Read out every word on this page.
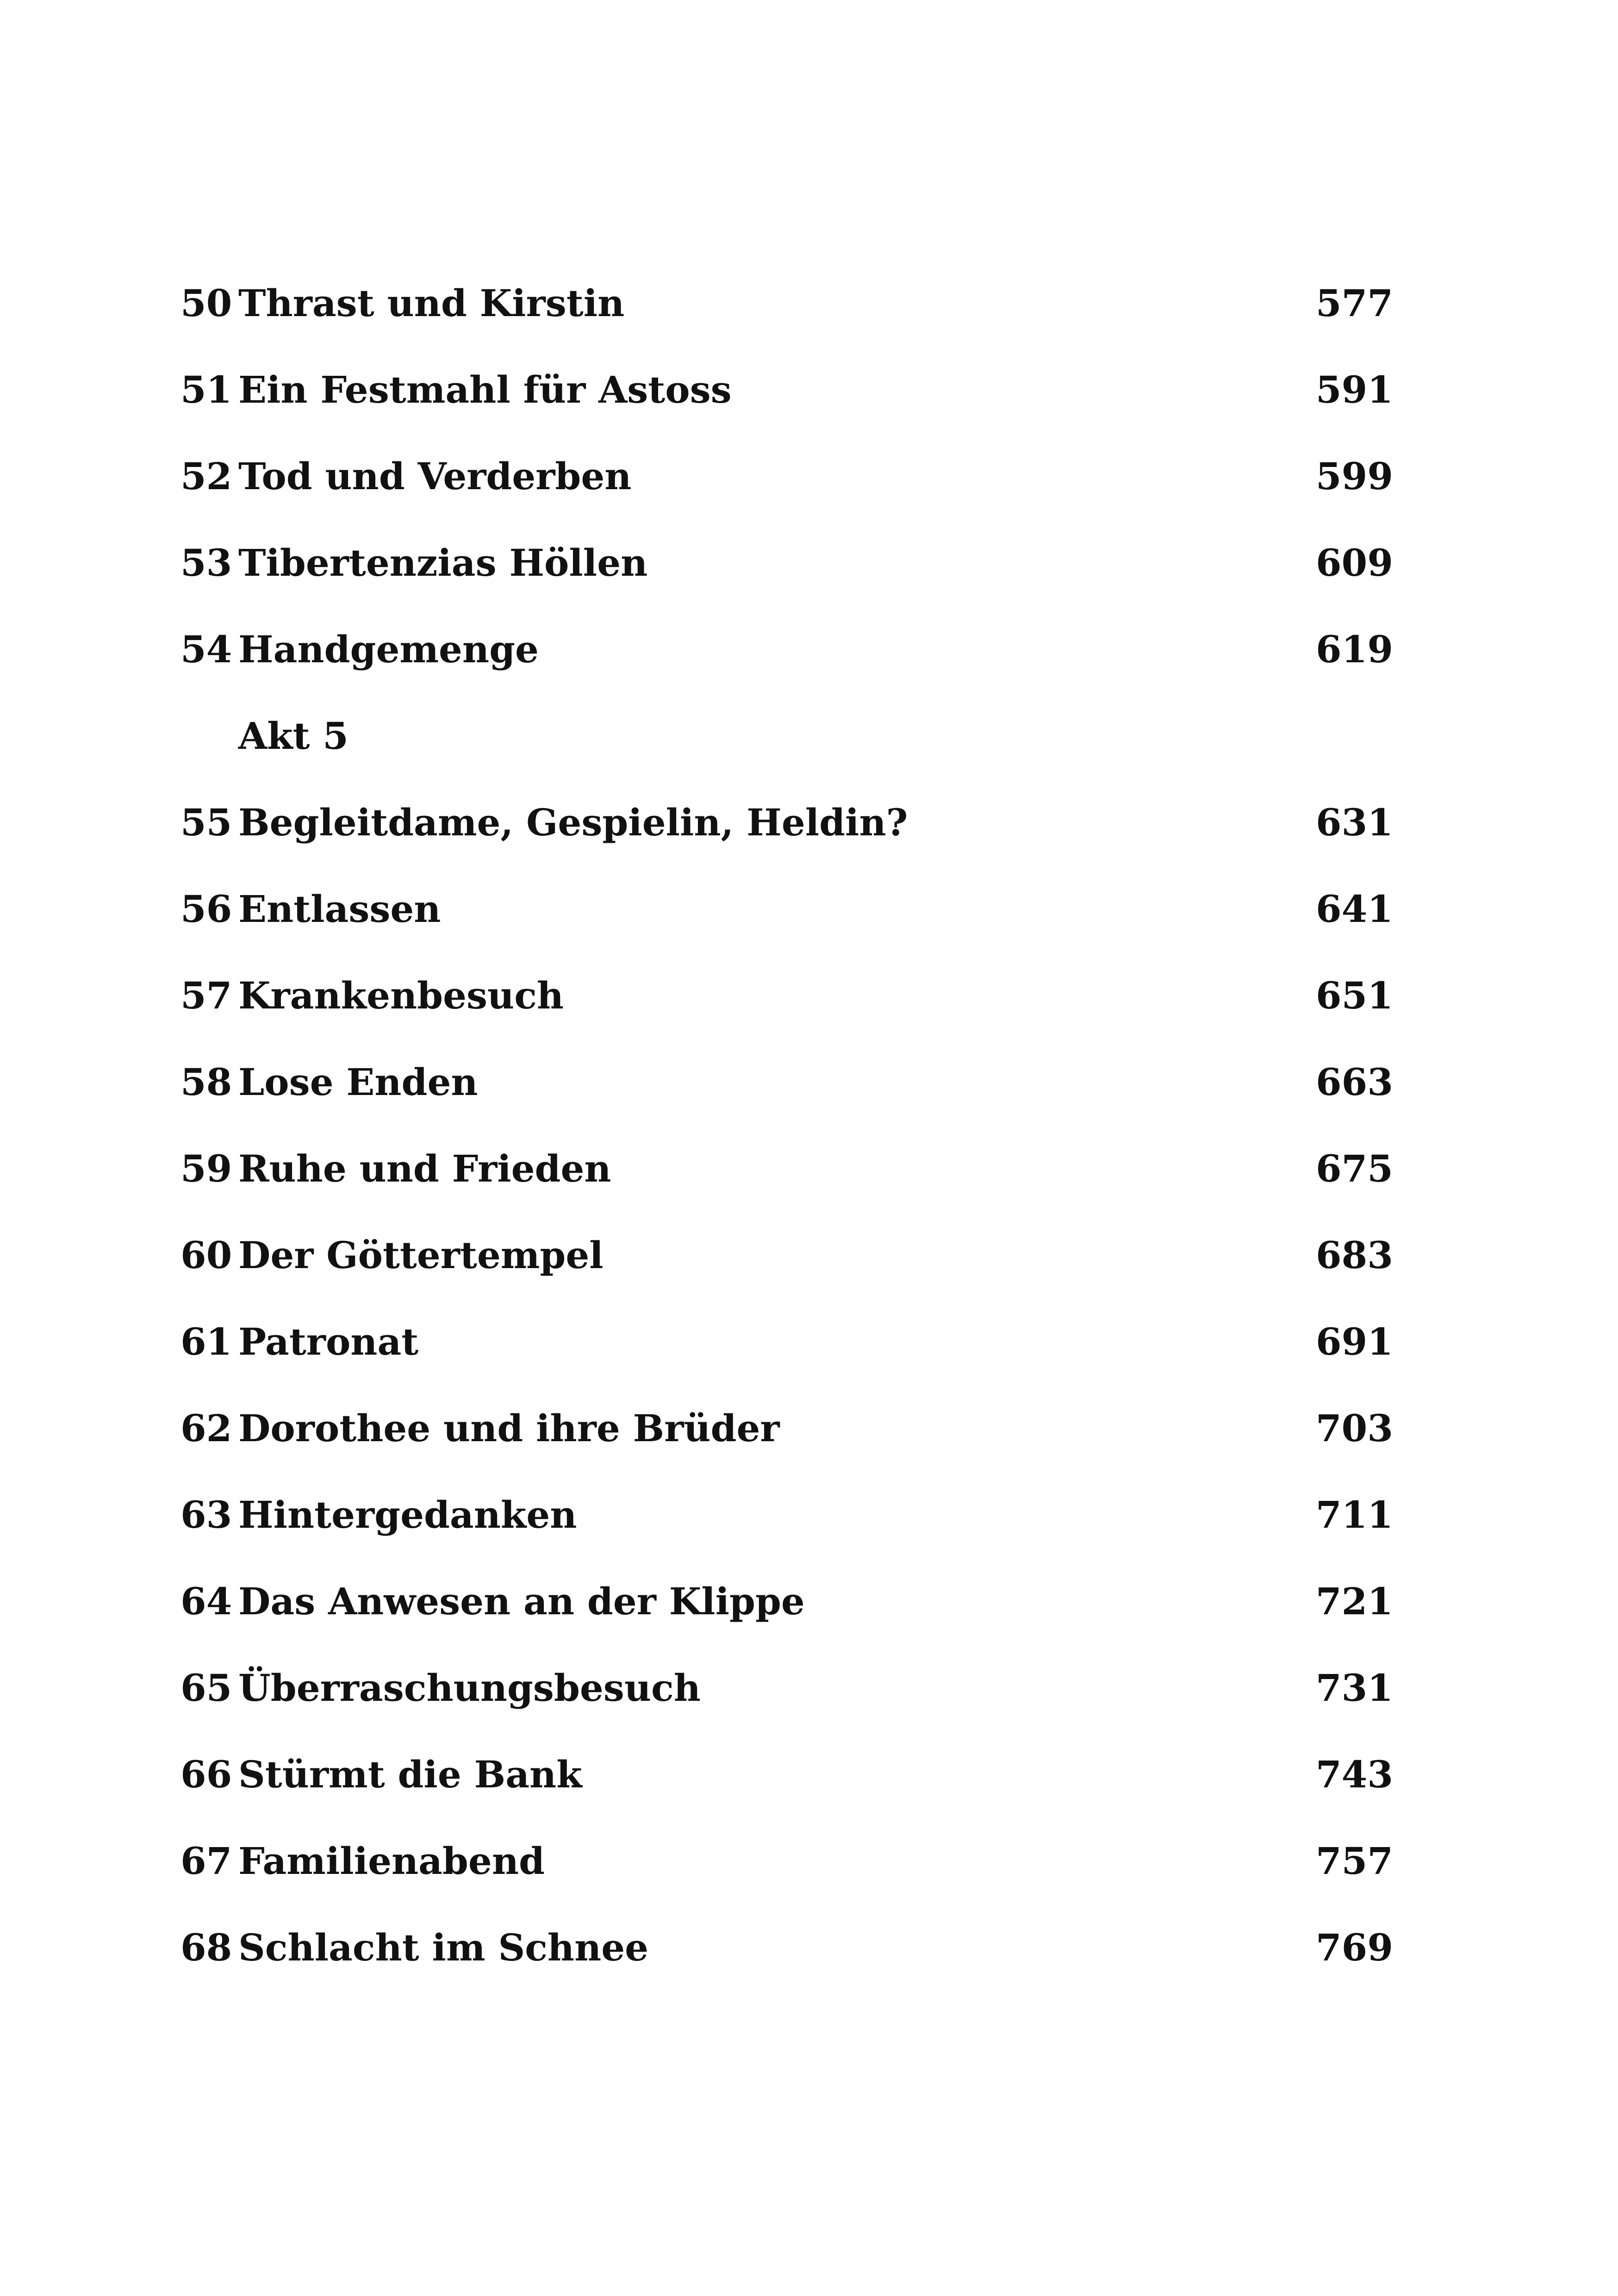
50 Thrast und Kirstin	577
51 Ein Festmahl für Astoss	591
52 Tod und Verderben	599
53 Tibertenzias Höllen	609
54 Handgemenge	619
Akt 5
55 Begleitdame, Gespielin, Heldin?	631
56 Entlassen	641
57 Krankenbesuch	651
58 Lose Enden	663
59 Ruhe und Frieden	675
60 Der Göttertempel	683
61 Patronat	691
62 Dorothee und ihre Brüder	703
63 Hintergedanken	711
64 Das Anwesen an der Klippe	721
65 Überraschungsbesuch	731
66 Stürmt die Bank	743
67 Familienabend	757
68 Schlacht im Schnee	769
